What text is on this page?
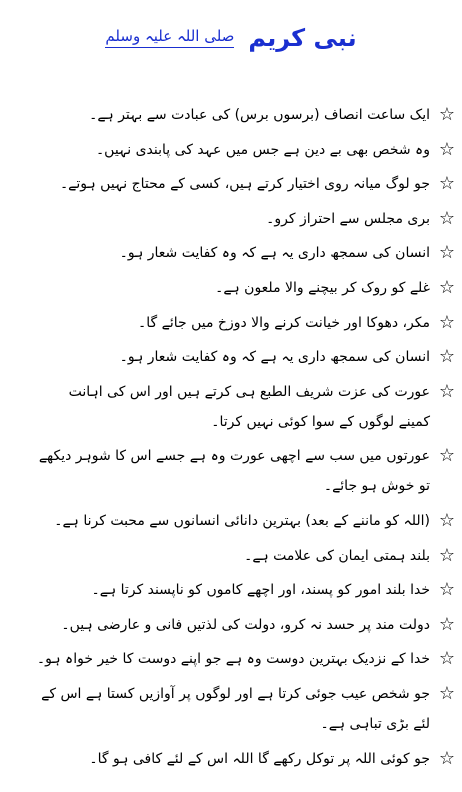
نبی کریم
صلی اللہ علیہ وسلم
☆
ایک ساعت انصاف (برسوں برس) کی عبادت سے بہتر ہے۔
☆
وہ شخص بھی بے دین ہے جس میں عہد کی پابندی نہیں۔
☆
جو لوگ میانہ روی اختیار کرتے ہیں، کسی کے محتاج نہیں ہوتے۔
☆
بری مجلس سے احتراز کرو۔
☆
انسان کی سمجھ داری یہ ہے کہ وہ کفایت شعار ہو۔
☆
غلے کو روک کر بیچنے والا ملعون ہے۔
☆
مکر، دھوکا اور خیانت کرنے والا دوزخ میں جائے گا۔
☆
انسان کی سمجھ داری یہ ہے کہ وہ کفایت شعار ہو۔
☆
عورت کی عزت شریف الطبع ہی کرتے ہیں اور اس کی اہانت کمینے لوگوں کے سوا کوئی نہیں کرتا۔
☆
عورتوں میں سب سے اچھی عورت وہ ہے جسے اس کا شوہر دیکھے تو خوش ہو جائے۔
☆
(اللہ کو ماننے کے بعد) بہترین دانائی انسانوں سے محبت کرنا ہے۔
☆
بلند ہمتی ایمان کی علامت ہے۔
☆
خدا بلند امور کو پسند، اور اچھے کاموں کو ناپسند کرتا ہے۔
☆
دولت مند پر حسد نہ کرو، دولت کی لذتیں فانی و عارضی ہیں۔
☆
خدا کے نزدیک بہترین دوست وہ ہے جو اپنے دوست کا خیر خواہ ہو۔
☆
جو شخص عیب جوئی کرتا ہے اور لوگوں پر آوازیں کستا ہے اس کے لئے بڑی تباہی ہے۔
☆
جو کوئی اللہ پر توکل رکھے گا اللہ اس کے لئے کافی ہو گا۔
